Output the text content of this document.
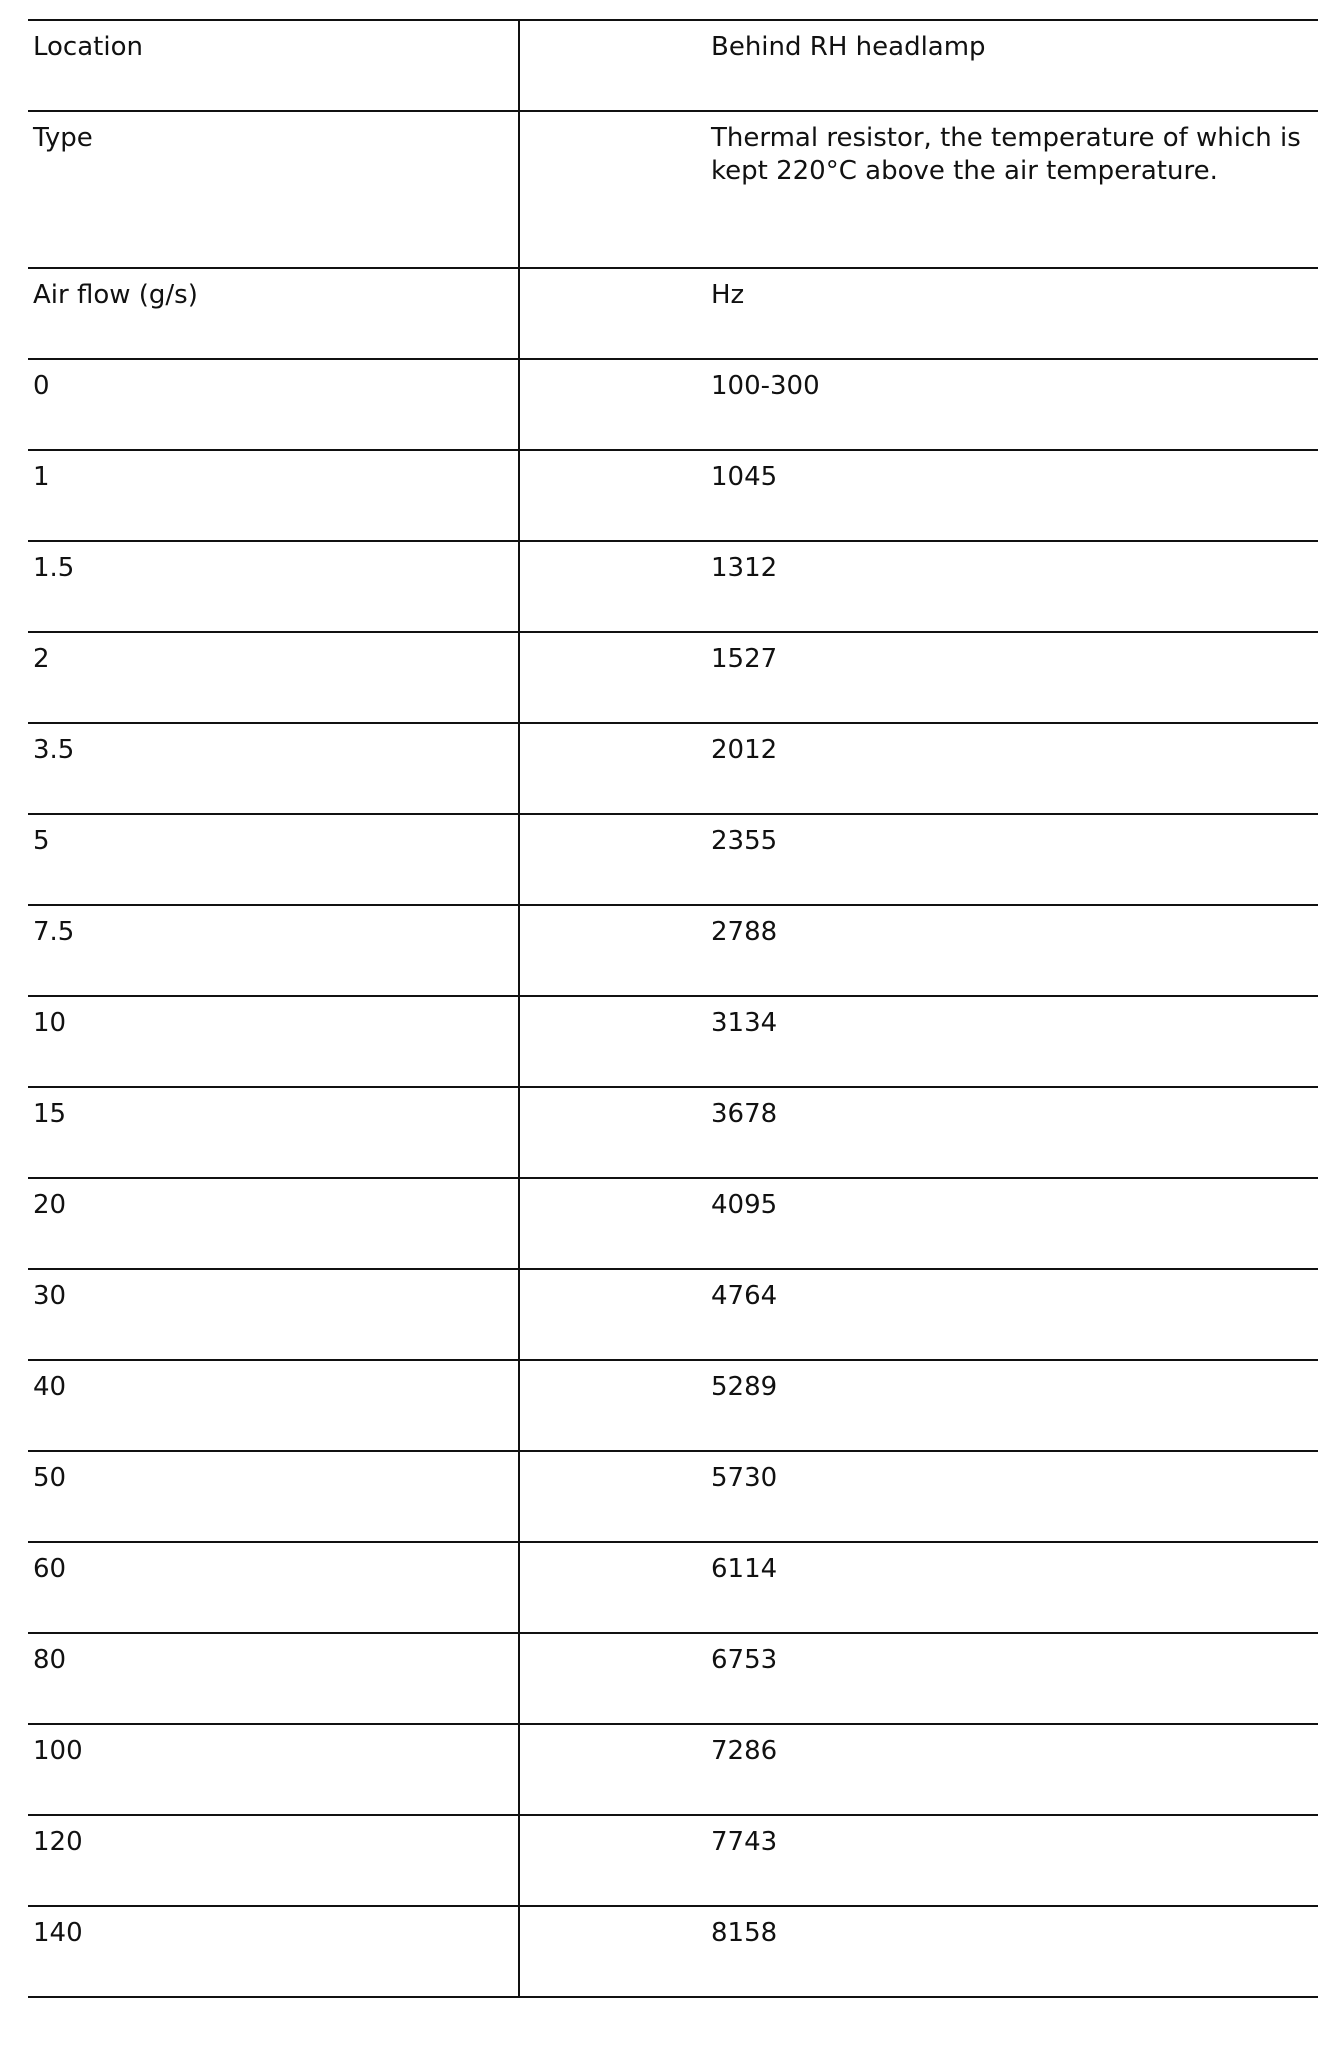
Location	Behind RH headlamp
Type	Thermal resistor, the temperature of which is kept 220°C above the air temperature.
Air flow (g/s)	Hz
0	100-300
1	1045
1.5	1312
2	1527
3.5	2012
5	2355
7.5	2788
10	3134
15	3678
20	4095
30	4764
40	5289
50	5730
60	6114
80	6753
100	7286
120	7743
140	8158
